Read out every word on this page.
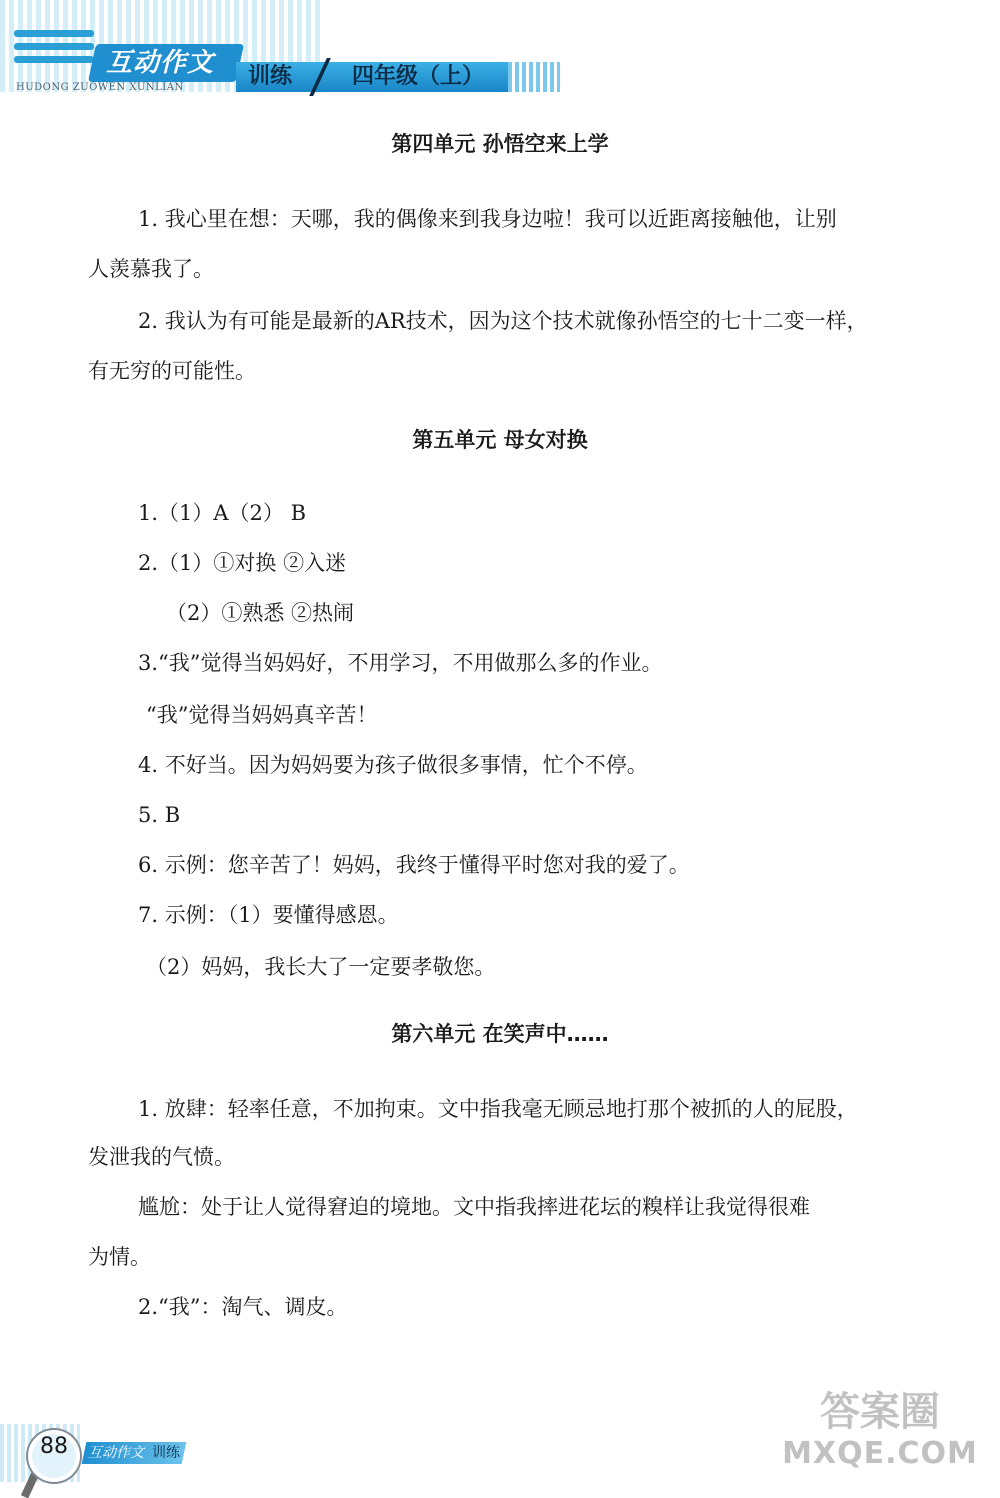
互动作文 训练	四年级（上）
HUDONG ZUOWEN XUNLIAN
第四单元 孙悟空来上学
1. 我心里在想：天哪，我的偶像来到我身边啦！我可以近距离接触他，让别
人羡慕我了。
2. 我认为有可能是最新的AR技术，因为这个技术就像孙悟空的七十二变一样，
有无穷的可能性。
第五单元 母女对换
1.（1）A（2） B
2.（1）①对换 ②入迷
（2）①熟悉 ②热闹
3.“我”觉得当妈妈好，不用学习，不用做那么多的作业。
“我”觉得当妈妈真辛苦！
4. 不好当。因为妈妈要为孩子做很多事情，忙个不停。
5. B
6. 示例：您辛苦了！妈妈，我终于懂得平时您对我的爱了。
7. 示例：（1）要懂得感恩。
（2）妈妈，我长大了一定要孝敬您。
第六单元 在笑声中……
1. 放肆：轻率任意，不加拘束。文中指我毫无顾忌地打那个被抓的人的屁股，
发泄我的气愤。
尴尬：处于让人觉得窘迫的境地。文中指我摔进花坛的糗样让我觉得很难
为情。
2.“我”：淘气、调皮。
88	互动作文 训练
答案圈
MXQE.COM
